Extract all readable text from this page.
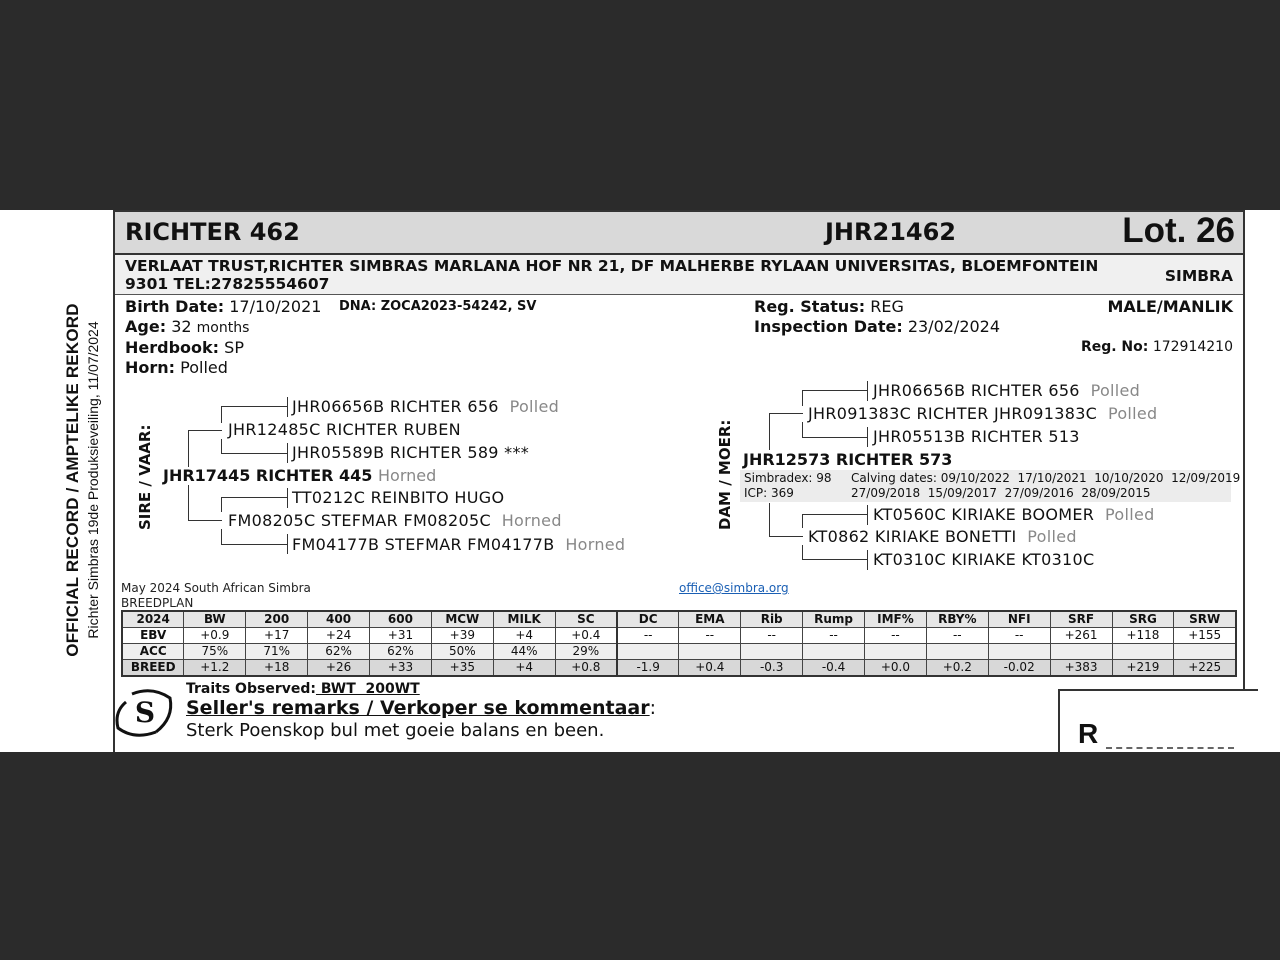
OFFICIAL RECORD / AMPTELIKE REKORD Richter Simbras 19de Produksieveiling, 11/07/2024
RICHTER 462	JHR21462	Lot. 26
VERLAAT TRUST,RICHTER SIMBRAS MARLANA HOF NR 21, DF MALHERBE RYLAAN UNIVERSITAS, BLOEMFONTEIN 9301 TEL:27825554607	SIMBRA
Birth Date: 17/10/2021
Age: 32 months
Herdbook: SP
Horn: Polled
DNA: ZOCA2023-54242, SV	Reg. Status: REG
Inspection Date: 23/02/2024
MALE/MANLIK
Reg. No: 172914210
SIRE / VAAR:
JHR06656B RICHTER 656 Polled
JHR12485C RICHTER RUBEN
JHR05589B RICHTER 589 ***
JHR17445 RICHTER 445 Horned
TT0212C REINBITO HUGO
FM08205C STEFMAR FM08205C Horned
FM04177B STEFMAR FM04177B Horned
DAM / MOER:
JHR06656B RICHTER 656 Polled
JHR091383C RICHTER JHR091383C Polled
JHR05513B RICHTER 513
JHR12573 RICHTER 573
Simbradex: 98
ICP: 369
Calving dates: 09/10/2022  17/10/2021  10/10/2020  12/09/2019
27/09/2018  15/09/2017  27/09/2016  28/09/2015
KT0560C KIRIAKE BOOMER Polled
KT0862 KIRIAKE BONETTI Polled
KT0310C KIRIAKE KT0310C
May 2024 South African Simbra
BREEDPLAN
office@simbra.org
2024	BW	200	400	600	MCW	MILK	SC	DC	EMA	Rib	Rump	IMF%	RBY%	NFI	SRF	SRG	SRW
EBV	+0.9	+17	+24	+31	+39	+4	+0.4	--	--	--	--	--	--	--	+261	+118	+155
ACC	75%	71%	62%	62%	50%	44%	29%										
BREED	+1.2	+18	+26	+33	+35	+4	+0.8	-1.9	+0.4	-0.3	-0.4	+0.0	+0.2	-0.02	+383	+219	+225
S
Traits Observed: BWT  200WT
Seller's remarks / Verkoper se kommentaar:
Sterk Poenskop bul met goeie balans en been.	R
